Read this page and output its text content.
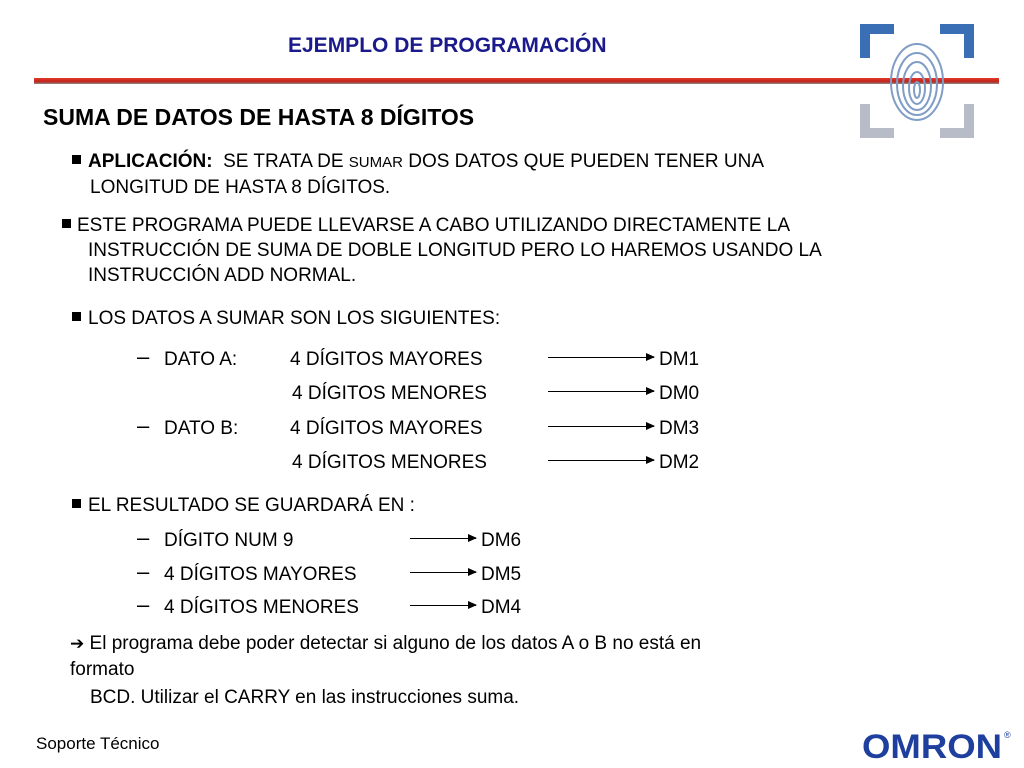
EJEMPLO DE PROGRAMACIÓN
SUMA DE DATOS DE HASTA 8 DÍGITOS
APLICACIÓN: SE TRATA DE SUMAR DOS DATOS QUE PUEDEN TENER UNA
LONGITUD DE HASTA 8 DÍGITOS.
ESTE PROGRAMA PUEDE LLEVARSE A CABO UTILIZANDO DIRECTAMENTE LA
INSTRUCCIÓN DE SUMA DE DOBLE LONGITUD PERO LO HAREMOS USANDO LA
INSTRUCCIÓN ADD NORMAL.
LOS DATOS A SUMAR SON LOS SIGUIENTES:
– DATO A:	4 DÍGITOS MAYORES	DM1
4 DÍGITOS MENORES	DM0
– DATO B:	4 DÍGITOS MAYORES	DM3
4 DÍGITOS MENORES	DM2
EL RESULTADO SE GUARDARÁ EN :
– DÍGITO NUM 9	DM6
– 4 DÍGITOS MAYORES	DM5
– 4 DÍGITOS MENORES	DM4
➔ El programa debe poder detectar si alguno de los datos A o B no está en
formato
BCD. Utilizar el CARRY en las instrucciones suma.
Soporte Técnico	OMRON ®
